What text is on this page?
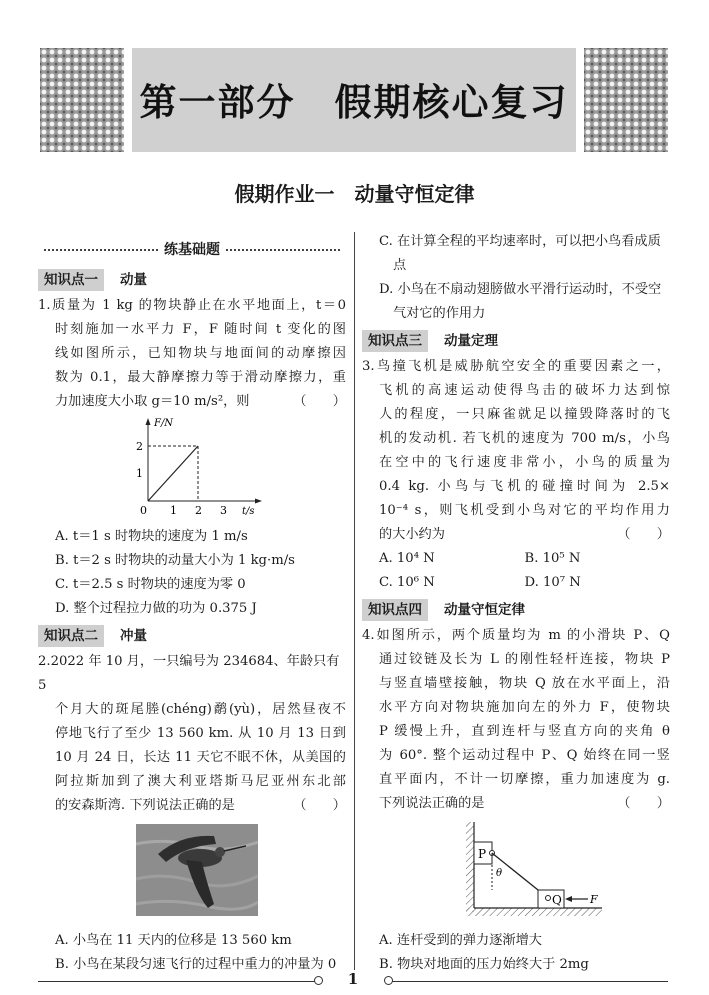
第一部分　假期核心复习
假期作业一　动量守恒定律
练基础题
知识点一	动量
1.质量为 1 kg 的物块静止在水平地面上，t＝0
时刻施加一水平力 F，F 随时间 t 变化的图
线如图所示，已知物块与地面间的动摩擦因
数为 0.1，最大静摩擦力等于滑动摩擦力，重
力加速度大小取 g＝10 m/s²，则	（　　）
F/N
2
1
0 1 2 3 t/s
A. t＝1 s 时物块的速度为 1 m/s
B. t＝2 s 时物块的动量大小为 1 kg·m/s
C. t＝2.5 s 时物块的速度为零 0
D. 整个过程拉力做的功为 0.375 J
知识点二	冲量
2.2022 年 10 月，一只编号为 234684、年龄只有 5
个月大的斑尾塍(chéng)鹬(yù)，居然昼夜不
停地飞行了至少 13 560 km. 从 10 月 13 日到
10 月 24 日，长达 11 天它不眠不休，从美国的
阿拉斯加到了澳大利亚塔斯马尼亚州东北部
的安森斯湾. 下列说法正确的是	（　　）
A. 小鸟在 11 天内的位移是 13 560 km
B. 小鸟在某段匀速飞行的过程中重力的冲量为 0
C. 在计算全程的平均速率时，可以把小鸟看成质点
D. 小鸟在不扇动翅膀做水平滑行运动时，不受空气对它的作用力
知识点三	动量定理
3.鸟撞飞机是威胁航空安全的重要因素之一，
飞机的高速运动使得鸟击的破坏力达到惊
人的程度，一只麻雀就足以撞毁降落时的飞
机的发动机. 若飞机的速度为 700 m/s，小鸟
在空中的飞行速度非常小，小鸟的质量为
0.4 kg. 小鸟与飞机的碰撞时间为 2.5×
10⁻⁴ s，则飞机受到小鸟对它的平均作用力
的大小约为	（　　）
A. 10⁴ N	B. 10⁵ N
C. 10⁶ N	D. 10⁷ N
知识点四	动量守恒定律
4.如图所示，两个质量均为 m 的小滑块 P、Q
通过铰链及长为 L 的刚性轻杆连接，物块 P
与竖直墙壁接触，物块 Q 放在水平面上，沿
水平方向对物块施加向左的外力 F，使物块
P 缓慢上升，直到连杆与竖直方向的夹角 θ
为 60°. 整个运动过程中 P、Q 始终在同一竖
直平面内，不计一切摩擦，重力加速度为 g.
下列说法正确的是	（　　）
P
θ
Q	F
A. 连杆受到的弹力逐渐增大
B. 物块对地面的压力始终大于 2mg
1
